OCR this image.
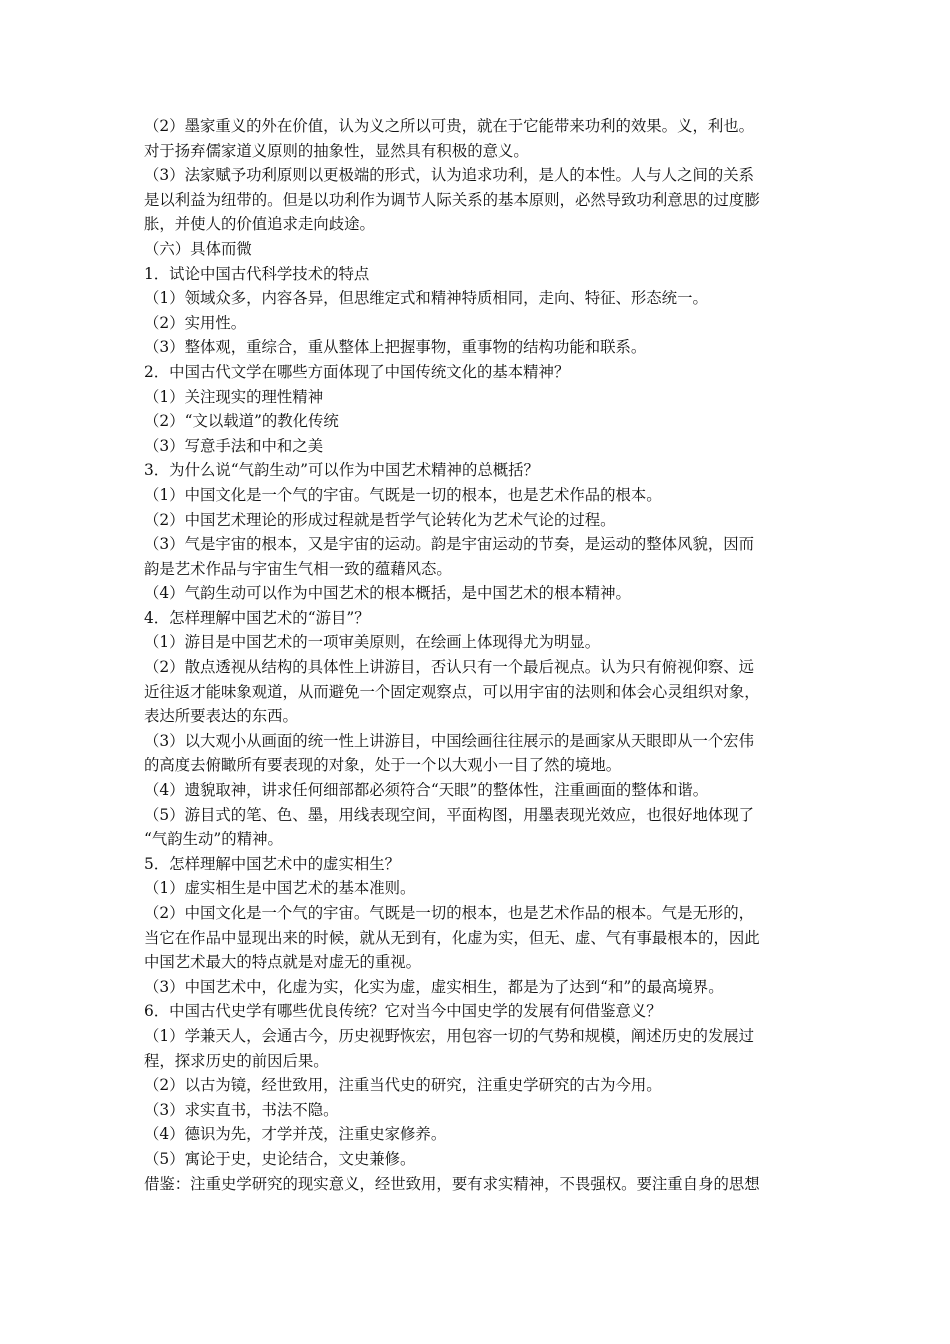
（2）墨家重义的外在价值，认为义之所以可贵，就在于它能带来功利的效果。义，利也。
对于扬弃儒家道义原则的抽象性，显然具有积极的意义。
（3）法家赋予功利原则以更极端的形式，认为追求功利，是人的本性。人与人之间的关系
是以利益为纽带的。但是以功利作为调节人际关系的基本原则，必然导致功利意思的过度膨
胀，并使人的价值追求走向歧途。
（六）具体而微
1．试论中国古代科学技术的特点
（1）领域众多，内容各异，但思维定式和精神特质相同，走向、特征、形态统一。
（2）实用性。
（3）整体观，重综合，重从整体上把握事物，重事物的结构功能和联系。
2．中国古代文学在哪些方面体现了中国传统文化的基本精神？
（1）关注现实的理性精神
（2）“文以载道”的教化传统
（3）写意手法和中和之美
3．为什么说“气韵生动”可以作为中国艺术精神的总概括？
（1）中国文化是一个气的宇宙。气既是一切的根本，也是艺术作品的根本。
（2）中国艺术理论的形成过程就是哲学气论转化为艺术气论的过程。
（3）气是宇宙的根本，又是宇宙的运动。韵是宇宙运动的节奏，是运动的整体风貌，因而
韵是艺术作品与宇宙生气相一致的蕴藉风态。
（4）气韵生动可以作为中国艺术的根本概括，是中国艺术的根本精神。
4．怎样理解中国艺术的“游目”？
（1）游目是中国艺术的一项审美原则，在绘画上体现得尤为明显。
（2）散点透视从结构的具体性上讲游目，否认只有一个最后视点。认为只有俯视仰察、远
近往返才能味象观道，从而避免一个固定观察点，可以用宇宙的法则和体会心灵组织对象，
表达所要表达的东西。
（3）以大观小从画面的统一性上讲游目，中国绘画往往展示的是画家从天眼即从一个宏伟
的高度去俯瞰所有要表现的对象，处于一个以大观小一目了然的境地。
（4）遗貌取神，讲求任何细部都必须符合“天眼”的整体性，注重画面的整体和谐。
（5）游目式的笔、色、墨，用线表现空间，平面构图，用墨表现光效应，也很好地体现了
“气韵生动”的精神。
5．怎样理解中国艺术中的虚实相生？
（1）虚实相生是中国艺术的基本准则。
（2）中国文化是一个气的宇宙。气既是一切的根本，也是艺术作品的根本。气是无形的，
当它在作品中显现出来的时候，就从无到有，化虚为实，但无、虚、气有事最根本的，因此
中国艺术最大的特点就是对虚无的重视。
（3）中国艺术中，化虚为实，化实为虚，虚实相生，都是为了达到“和”的最高境界。
6．中国古代史学有哪些优良传统？它对当今中国史学的发展有何借鉴意义？
（1）学兼天人，会通古今，历史视野恢宏，用包容一切的气势和规模，阐述历史的发展过
程，探求历史的前因后果。
（2）以古为镜，经世致用，注重当代史的研究，注重史学研究的古为今用。
（3）求实直书，书法不隐。
（4）德识为先，才学并茂，注重史家修养。
（5）寓论于史，史论结合，文史兼修。
借鉴：注重史学研究的现实意义，经世致用，要有求实精神，不畏强权。要注重自身的思想
